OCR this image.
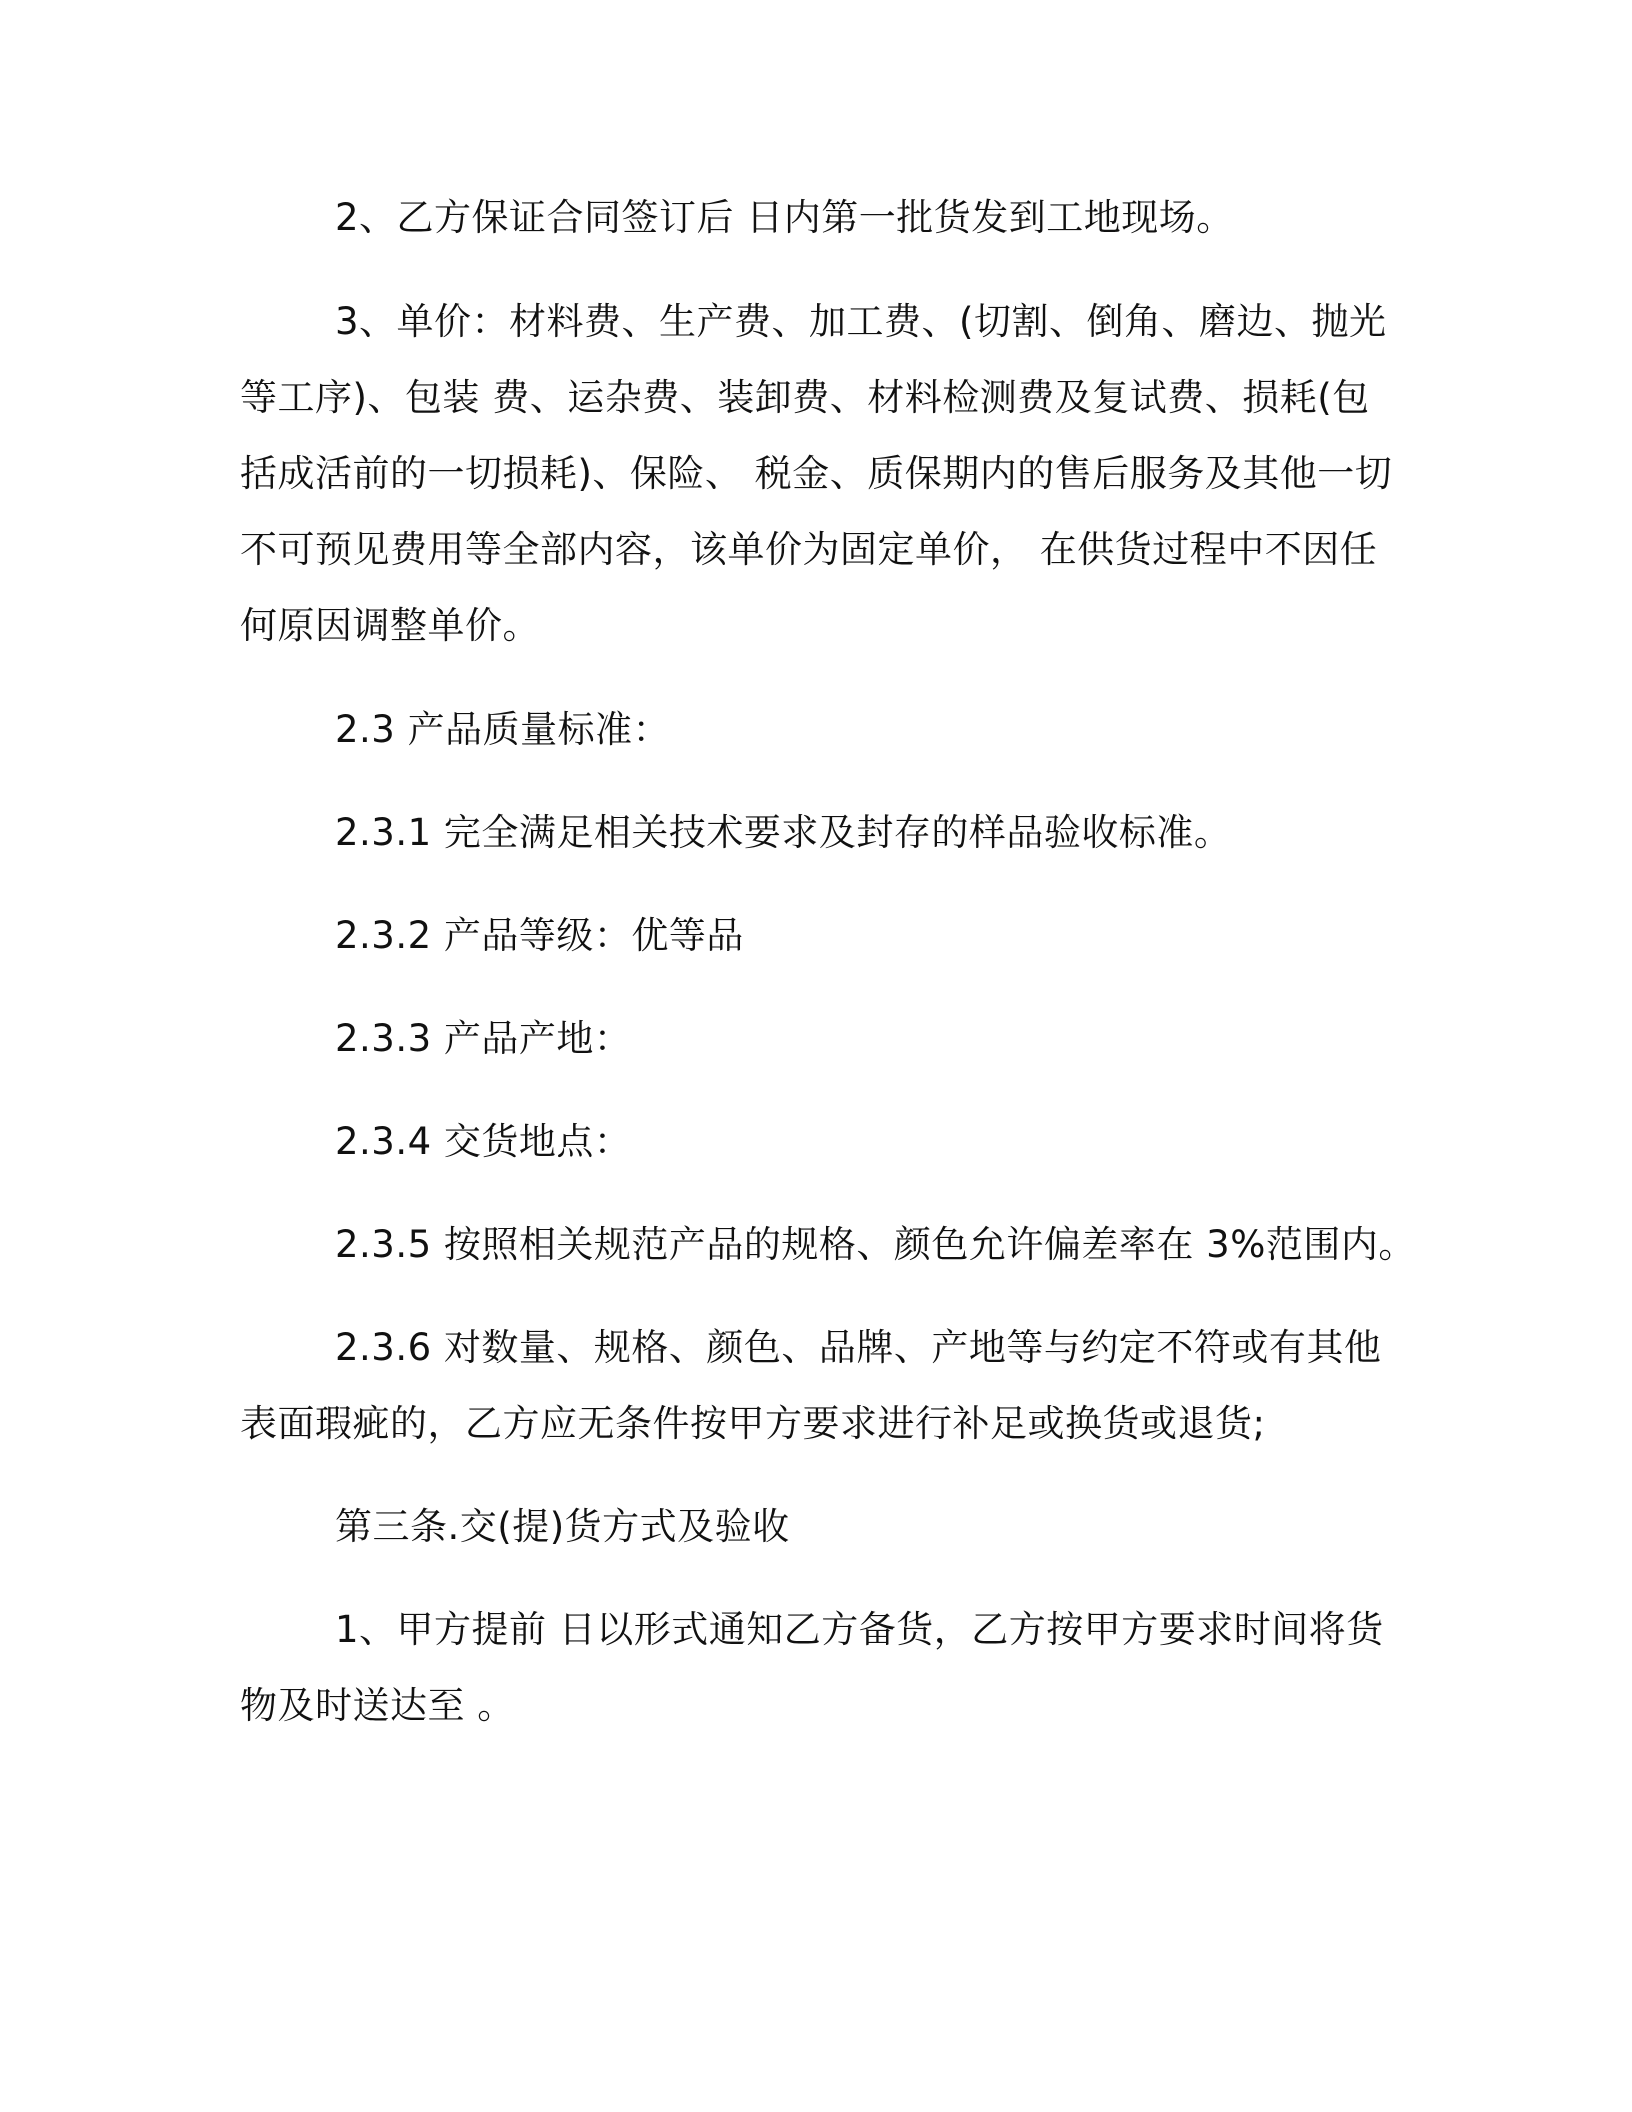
2、乙方保证合同签订后 日内第一批货发到工地现场。
3、单价：材料费、生产费、加工费、(切割、倒角、磨边、抛光
等工序)、包装 费、运杂费、装卸费、材料检测费及复试费、损耗(包
括成活前的一切损耗)、保险、 税金、质保期内的售后服务及其他一切
不可预见费用等全部内容，该单价为固定单价， 在供货过程中不因任
何原因调整单价。
2.3 产品质量标准：
2.3.1 完全满足相关技术要求及封存的样品验收标准。
2.3.2 产品等级：优等品
2.3.3 产品产地：
2.3.4 交货地点：
2.3.5 按照相关规范产品的规格、颜色允许偏差率在 3%范围内。
2.3.6 对数量、规格、颜色、品牌、产地等与约定不符或有其他
表面瑕疵的，乙方应无条件按甲方要求进行补足或换货或退货;
第三条.交(提)货方式及验收
1、甲方提前 日以形式通知乙方备货，乙方按甲方要求时间将货
物及时送达至 。
